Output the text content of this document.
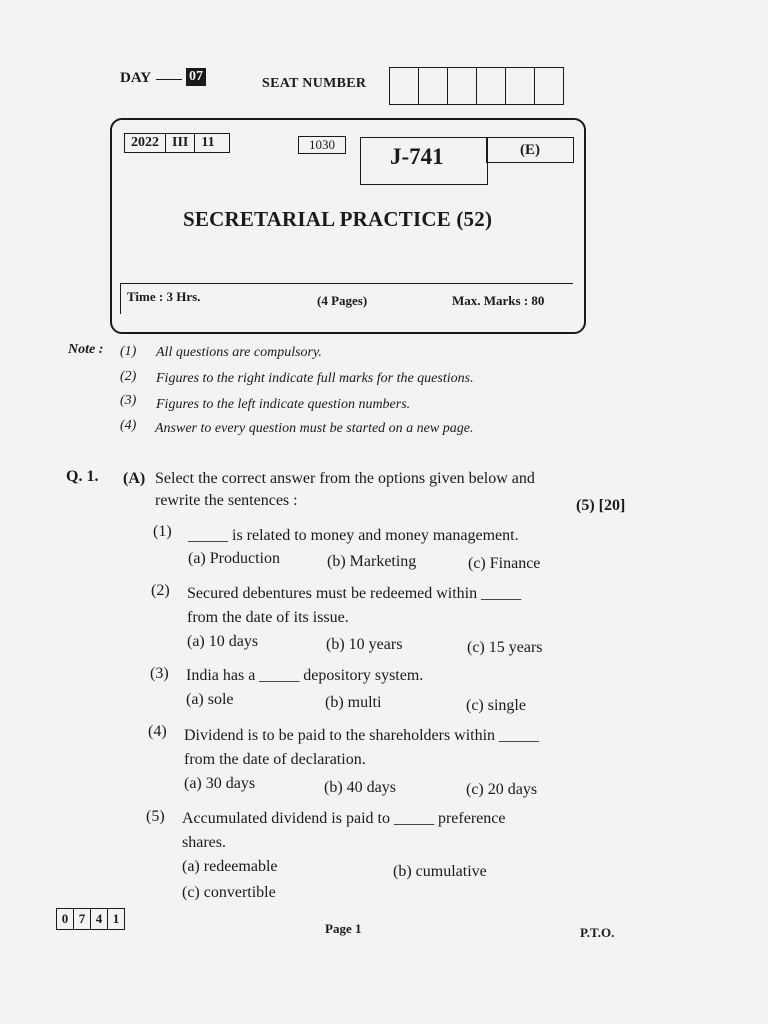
DAY	07	SEAT NUMBER
2022 III 11	1030	J-741	(E)
SECRETARIAL PRACTICE (52)
Time : 3 Hrs.	(4 Pages)	Max. Marks : 80
Note : (1) All questions are compulsory.
(2) Figures to the right indicate full marks for the questions.
(3) Figures to the left indicate question numbers.
(4) Answer to every question must be started on a new page.
Q. 1. (A) Select the correct answer from the options given below and
rewrite the sentences :	(5) [20]
(1) _____ is related to money and money management.
(a) Production	(b) Marketing	(c) Finance
(2) Secured debentures must be redeemed within _____
from the date of its issue.
(a) 10 days	(b) 10 years	(c) 15 years
(3) India has a _____ depository system.
(a) sole	(b) multi	(c) single
(4) Dividend is to be paid to the shareholders within _____
from the date of declaration.
(a) 30 days	(b) 40 days	(c) 20 days
(5) Accumulated dividend is paid to _____ preference
shares.
(a) redeemable	(b) cumulative
(c) convertible
0 7 4 1
Page 1	P.T.O.
